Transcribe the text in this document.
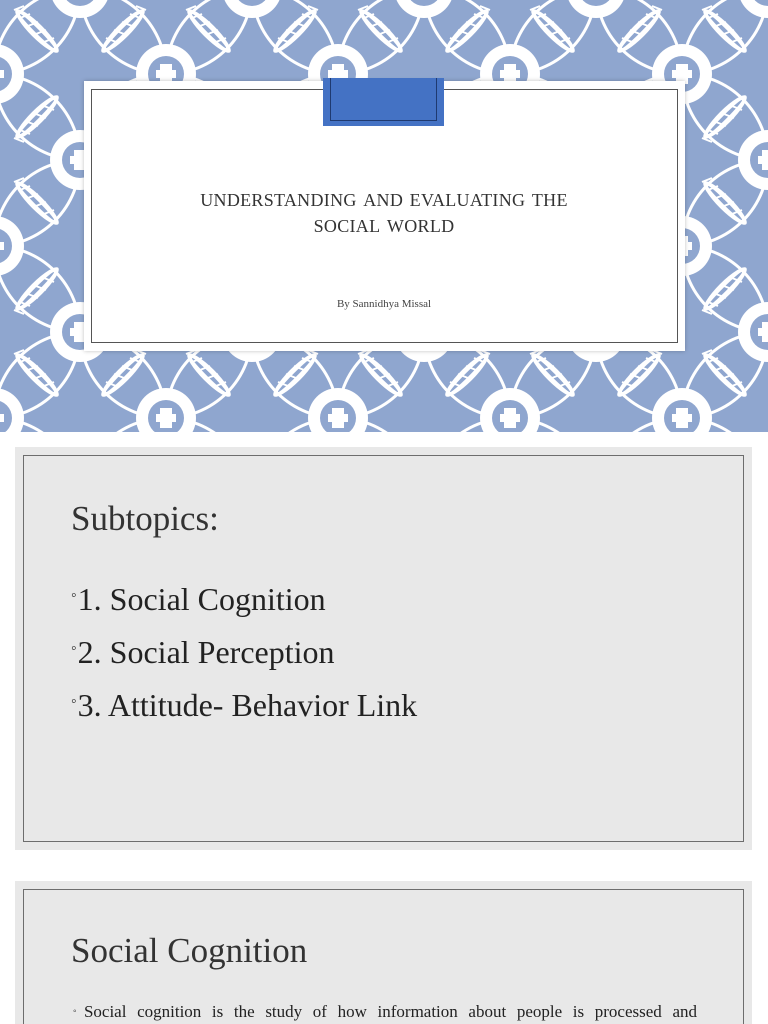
understanding and evaluating the
social world
By Sannidhya Missal
Subtopics:
◦1. Social Cognition
◦2. Social Perception
◦3. Attitude- Behavior Link
Social Cognition
◦Social cognition is the study of how information about people is processed and
